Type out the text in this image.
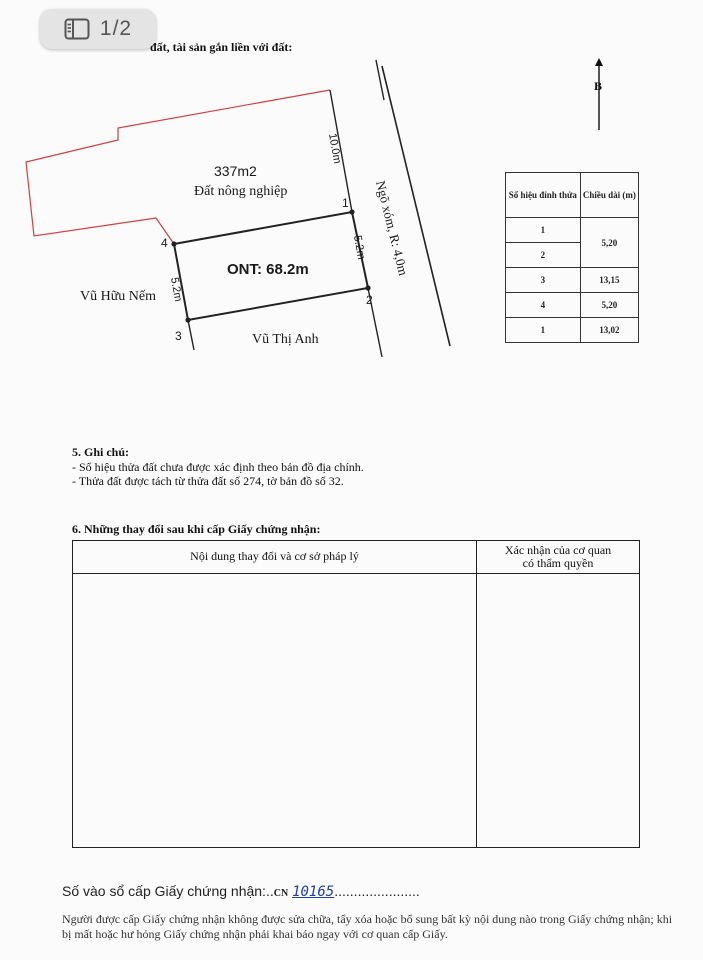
1/2
đất, tài sản gắn liền với đất:
337m2
Đất nông nghiệp
ONT: 68.2m
Vũ Hữu Nếm
Vũ Thị Anh
Ngõ xóm, R: 4,0m
10.0m
5.2m
5.2m
1
2
3
4
B
Số hiệu đỉnh thửa	Chiều dài (m)
1	5,20
2	
3	13,15
4	5,20
1	13,02
5. Ghi chú:
- Số hiệu thửa đất chưa được xác định theo bản đồ địa chính.
- Thửa đất được tách từ thửa đất số 274, tờ bản đồ số 32.
6. Những thay đổi sau khi cấp Giấy chứng nhận:
Nội dung thay đổi và cơ sở pháp lý	Xác nhận của cơ quan
có thẩm quyền
Số vào sổ cấp Giấy chứng nhận:..CN 10165......................
Người được cấp Giấy chứng nhận không được sửa chữa, tẩy xóa hoặc bổ sung bất kỳ nội dung nào trong Giấy chứng nhận; khi bị mất hoặc hư hỏng Giấy chứng nhận phải khai báo ngay với cơ quan cấp Giấy.
